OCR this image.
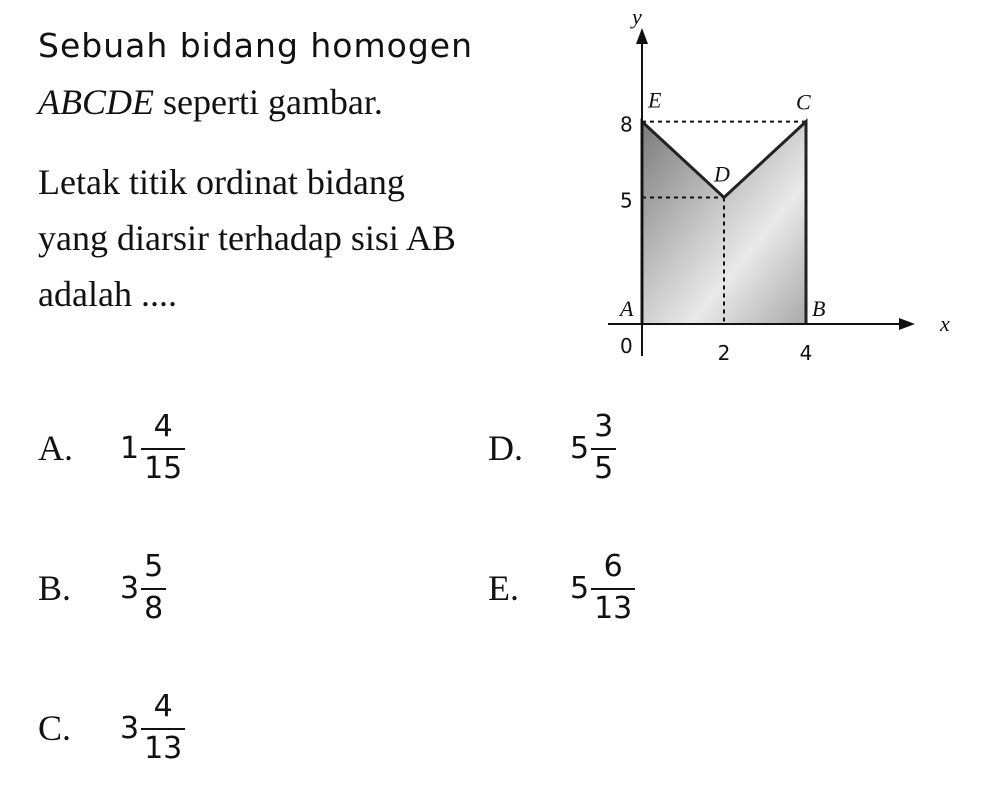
Sebuah bidang homogen

ABCDE seperti gambar.

Letak titik ordinat bidang

yang diarsir terhadap sisi AB

adalah ....

x
y
A	B
C
D
E
0	2	4
5
8
A.	$1 \frac{4}{15}$
B.	$3 \frac{5}{8}$
C.	$3 \frac{4}{13}$
D.	$5 \frac{3}{5}$
E.	$5 \frac{6}{13}$
